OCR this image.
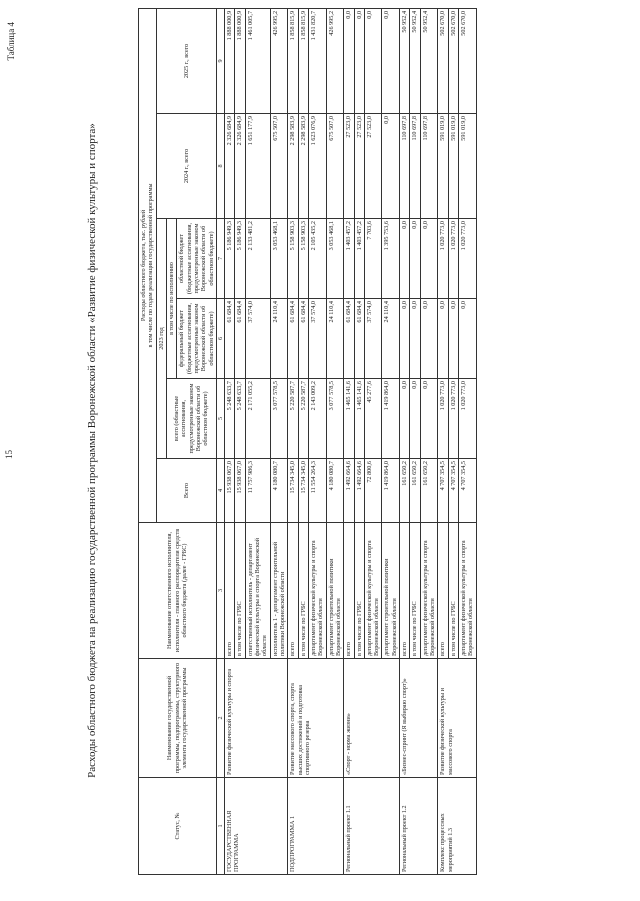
15
Таблица 4
Расходы областного бюджета на реализацию государственной программы Воронежской области «Развитие физической культуры и спорта»
Статус, №	Наименование государственной программы, подпрограммы, структурного элемента государственной программы	Наименование ответственного исполнителя, исполнителя - главного распорядителя средств областного бюджета (далее - ГРБС)	Расходы областного бюджета, тыс. рублей в том числе по годам реализации государственной программы					

			Всего	2023 год			2024 г., всего	2025 г., всего
				всего (областные ассигнования, предусмотренные законом Воронежской области об областном бюджете)	в том числе по исполнению			
					федеральный бюджет (бюджетные ассигнования, предусмотренные законом Воронежской области об областном бюджете)	областной бюджет (бюджетные ассигнования, предусмотренные законом Воронежской области об областном бюджете)		
1	2	3	4	5	6	7	8	9
ГОСУДАРСТВЕННАЯ ПРОГРАММА	Развитие физической культуры и спорта	всего	15 938 067,0	5 248 633,7	61 684,4	5 186 949,3	2 326 684,9	1 888 000,9
		в том числе по ГРБС	15 938 067,0	5 248 633,7	61 684,4	5 186 949,3	2 326 684,9	1 888 000,9
		ответственный исполнитель - департамент физической культуры и спорта Воронежской области	11 757 986,3	2 171 055,2	37 574,0	2 133 481,2	1 651 177,9	1 461 005,7
		исполнитель 1 - департамент строительной политики Воронежской области	4 180 080,7	3 077 578,5	24 110,4	3 053 468,1	675 507,0	426 995,2
ПОДПРОГРАММА 1	Развитие массового спорта, спорта высших достижений и подготовка спортивного резерва	всего	15 734 345,0	5 220 587,7	61 684,4	5 158 903,3	2 298 583,9	1 858 815,9
		в том числе по ГРБС	15 734 345,0	5 220 587,7	61 684,4	5 158 903,3	2 298 583,9	1 858 815,9
		департамент физической культуры и спорта Воронежской области	11 554 264,3	2 143 009,2	37 574,0	2 105 435,2	1 623 076,9	1 431 820,7
		департамент строительной политики Воронежской области	4 180 080,7	3 077 578,5	24 110,4	3 053 468,1	675 507,0	426 995,2
Региональный проект 1.1	«Спорт - норма жизни»	всего	1 492 664,6	1 465 141,6	61 684,4	1 403 457,2	27 523,0	0,0
		в том числе по ГРБС	1 492 664,6	1 465 141,6	61 684,4	1 403 457,2	27 523,0	0,0
		департамент физической культуры и спорта Воронежской области	72 800,6	45 277,6	37 574,0	7 703,6	27 523,0	0,0
		департамент строительной политики Воронежской области	1 419 864,0	1 419 864,0	24 110,4	1 395 753,6	0,0	0,0
Региональный проект 1.2	«Бизнес-спринт (Я выбираю спорт)»	всего	161 650,2	0,0	0,0	0,0	110 697,8	50 952,4
		в том числе по ГРБС	161 650,2	0,0	0,0	0,0	110 697,8	50 952,4
		департамент физической культуры и спорта Воронежской области	161 650,2	0,0	0,0	0,0	110 697,8	50 952,4
Комплекс процессных мероприятий 1.3	Развитие физической культуры и массового спорта	всего	4 707 354,5	1 020 773,0	0,0	1 020 773,0	591 019,0	502 670,0
		в том числе по ГРБС	4 707 354,5	1 020 773,0	0,0	1 020 773,0	591 019,0	502 670,0
		департамент физической культуры и спорта Воронежской области	4 707 354,5	1 020 773,0	0,0	1 020 773,0	591 019,0	502 670,0
